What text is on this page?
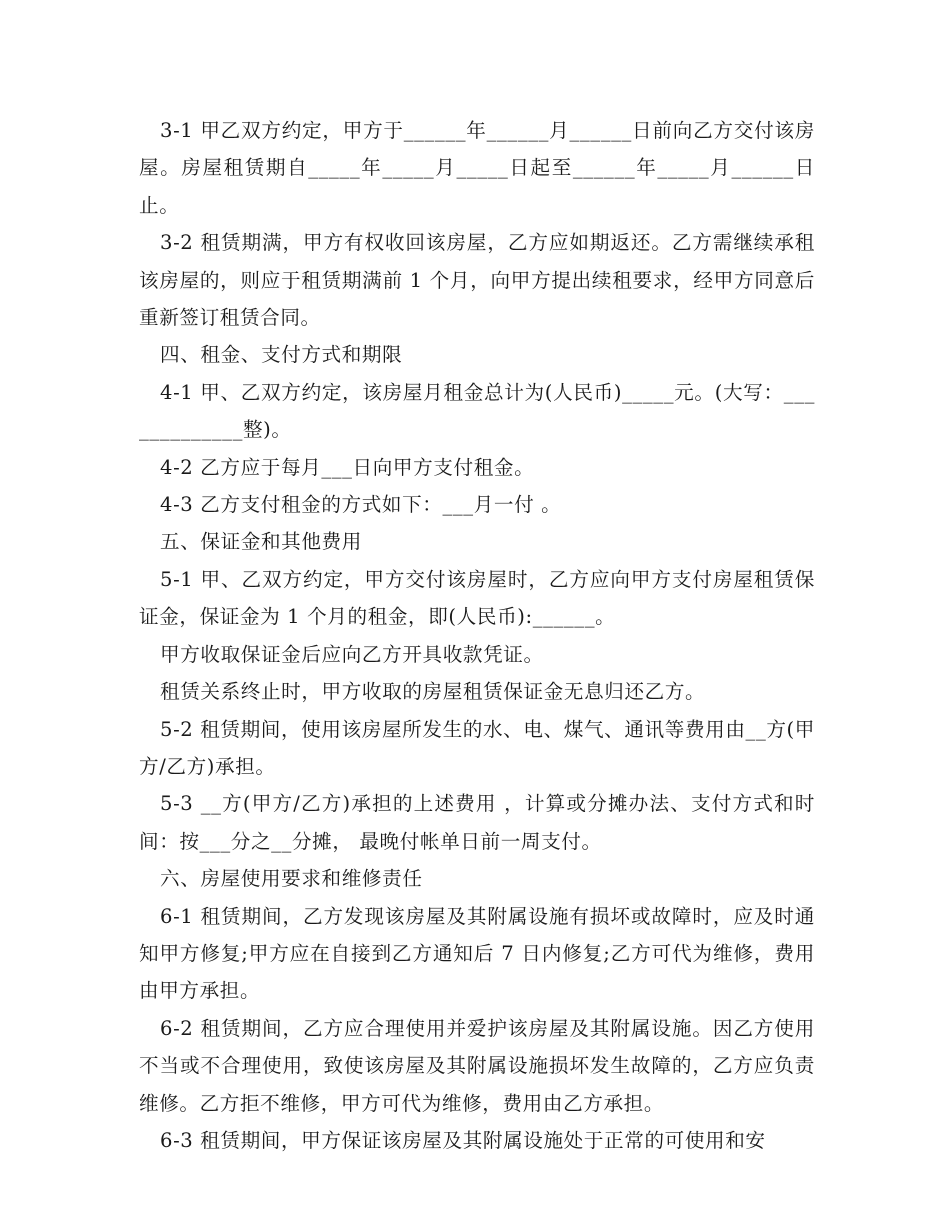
3-1 甲乙双方约定，甲方于______年______月______日前向乙方交付该房屋。房屋租赁期自_____年_____月_____日起至______年_____月______日止。

3-2 租赁期满，甲方有权收回该房屋，乙方应如期返还。乙方需继续承租该房屋的，则应于租赁期满前 1 个月，向甲方提出续租要求，经甲方同意后重新签订租赁合同。

四、租金、支付方式和期限

4-1 甲、乙双方约定，该房屋月租金总计为(人民币)_____元。(大写：_____________整)。

4-2 乙方应于每月___日向甲方支付租金。

4-3 乙方支付租金的方式如下：___月一付 。

五、保证金和其他费用

5-1 甲、乙双方约定，甲方交付该房屋时，乙方应向甲方支付房屋租赁保证金，保证金为 1 个月的租金，即(人民币):______。

甲方收取保证金后应向乙方开具收款凭证。

租赁关系终止时，甲方收取的房屋租赁保证金无息归还乙方。

5-2 租赁期间，使用该房屋所发生的水、电、煤气、通讯等费用由__方(甲方/乙方)承担。

5-3 __方(甲方/乙方)承担的上述费用 ，计算或分摊办法、支付方式和时间：按___分之__分摊， 最晚付帐单日前一周支付。

六、房屋使用要求和维修责任

6-1 租赁期间，乙方发现该房屋及其附属设施有损坏或故障时，应及时通知甲方修复;甲方应在自接到乙方通知后 7 日内修复;乙方可代为维修，费用由甲方承担。

6-2 租赁期间，乙方应合理使用并爱护该房屋及其附属设施。因乙方使用不当或不合理使用，致使该房屋及其附属设施损坏发生故障的，乙方应负责维修。乙方拒不维修，甲方可代为维修，费用由乙方承担。

6-3 租赁期间，甲方保证该房屋及其附属设施处于正常的可使用和安
